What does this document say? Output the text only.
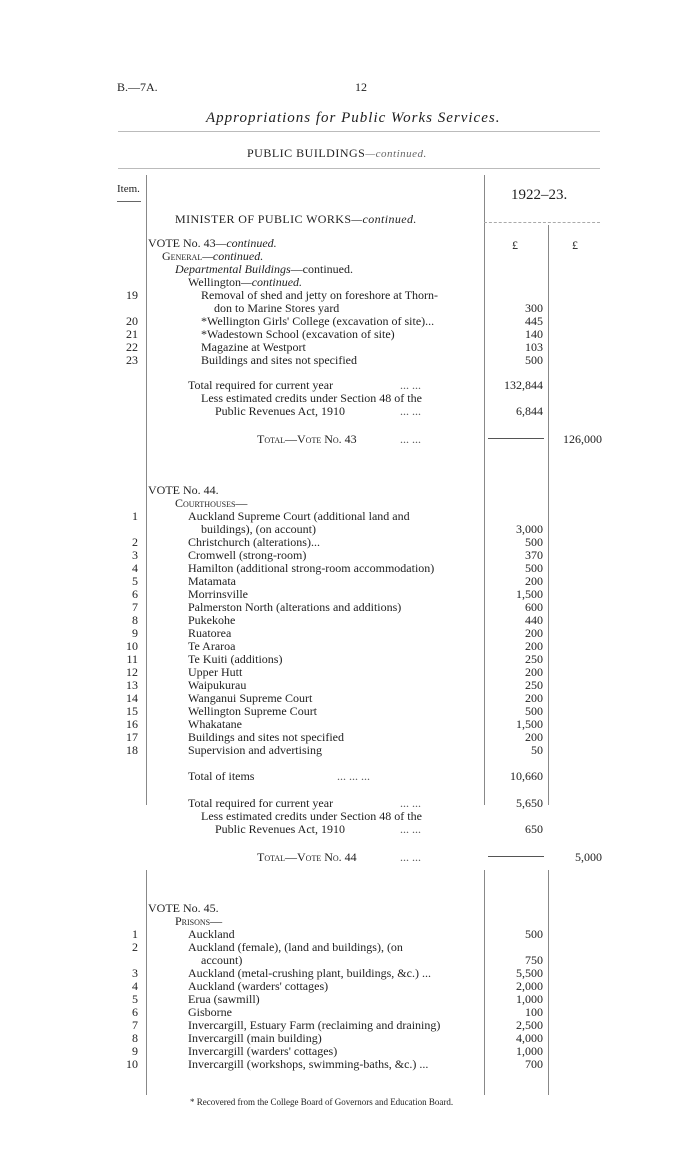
B.—7A.	12
Appropriations for Public Works Services.
PUBLIC BUILDINGS—continued.
Item.	1922–23.
MINISTER OF PUBLIC WORKS—continued.
£	£
VOTE No. 43—continued.
General—continued.
Departmental Buildings—continued.
Wellington—continued.
19	Removal of shed and jetty on foreshore at Thorn-
don to Marine Stores yard	300
20	*Wellington Girls' College (excavation of site)...	445
21	*Wadestown School (excavation of site)	140
22	Magazine at Westport	103
23	Buildings and sites not specified	500
Total required for current year	... ...	132,844
Less estimated credits under Section 48 of the
Public Revenues Act, 1910	... ...	6,844
Total—Vote No. 43	... ...	126,000
VOTE No. 44.
Courthouses—
1	Auckland Supreme Court (additional land and
buildings), (on account)	3,000
2	Christchurch (alterations)...	500
3	Cromwell (strong-room)	370
4	Hamilton (additional strong-room accommodation)	500
5	Matamata	200
6	Morrinsville	1,500
7	Palmerston North (alterations and additions)	600
8	Pukekohe	440
9	Ruatorea	200
10	Te Araroa	200
11	Te Kuiti (additions)	250
12	Upper Hutt	200
13	Waipukurau	250
14	Wanganui Supreme Court	200
15	Wellington Supreme Court	500
16	Whakatane	1,500
17	Buildings and sites not specified	200
18	Supervision and advertising	50
Total of items	... ... ...	10,660
Total required for current year	... ...	5,650
Less estimated credits under Section 48 of the
Public Revenues Act, 1910	... ...	650
Total—Vote No. 44	... ...	5,000
VOTE No. 45.
Prisons—
1	Auckland	500
2	Auckland (female), (land and buildings), (on
account)	750
3	Auckland (metal-crushing plant, buildings, &c.) ...	5,500
4	Auckland (warders' cottages)	2,000
5	Erua (sawmill)	1,000
6	Gisborne	100
7	Invercargill, Estuary Farm (reclaiming and draining)	2,500
8	Invercargill (main building)	4,000
9	Invercargill (warders' cottages)	1,000
10	Invercargill (workshops, swimming-baths, &c.) ...	700
* Recovered from the College Board of Governors and Education Board.
